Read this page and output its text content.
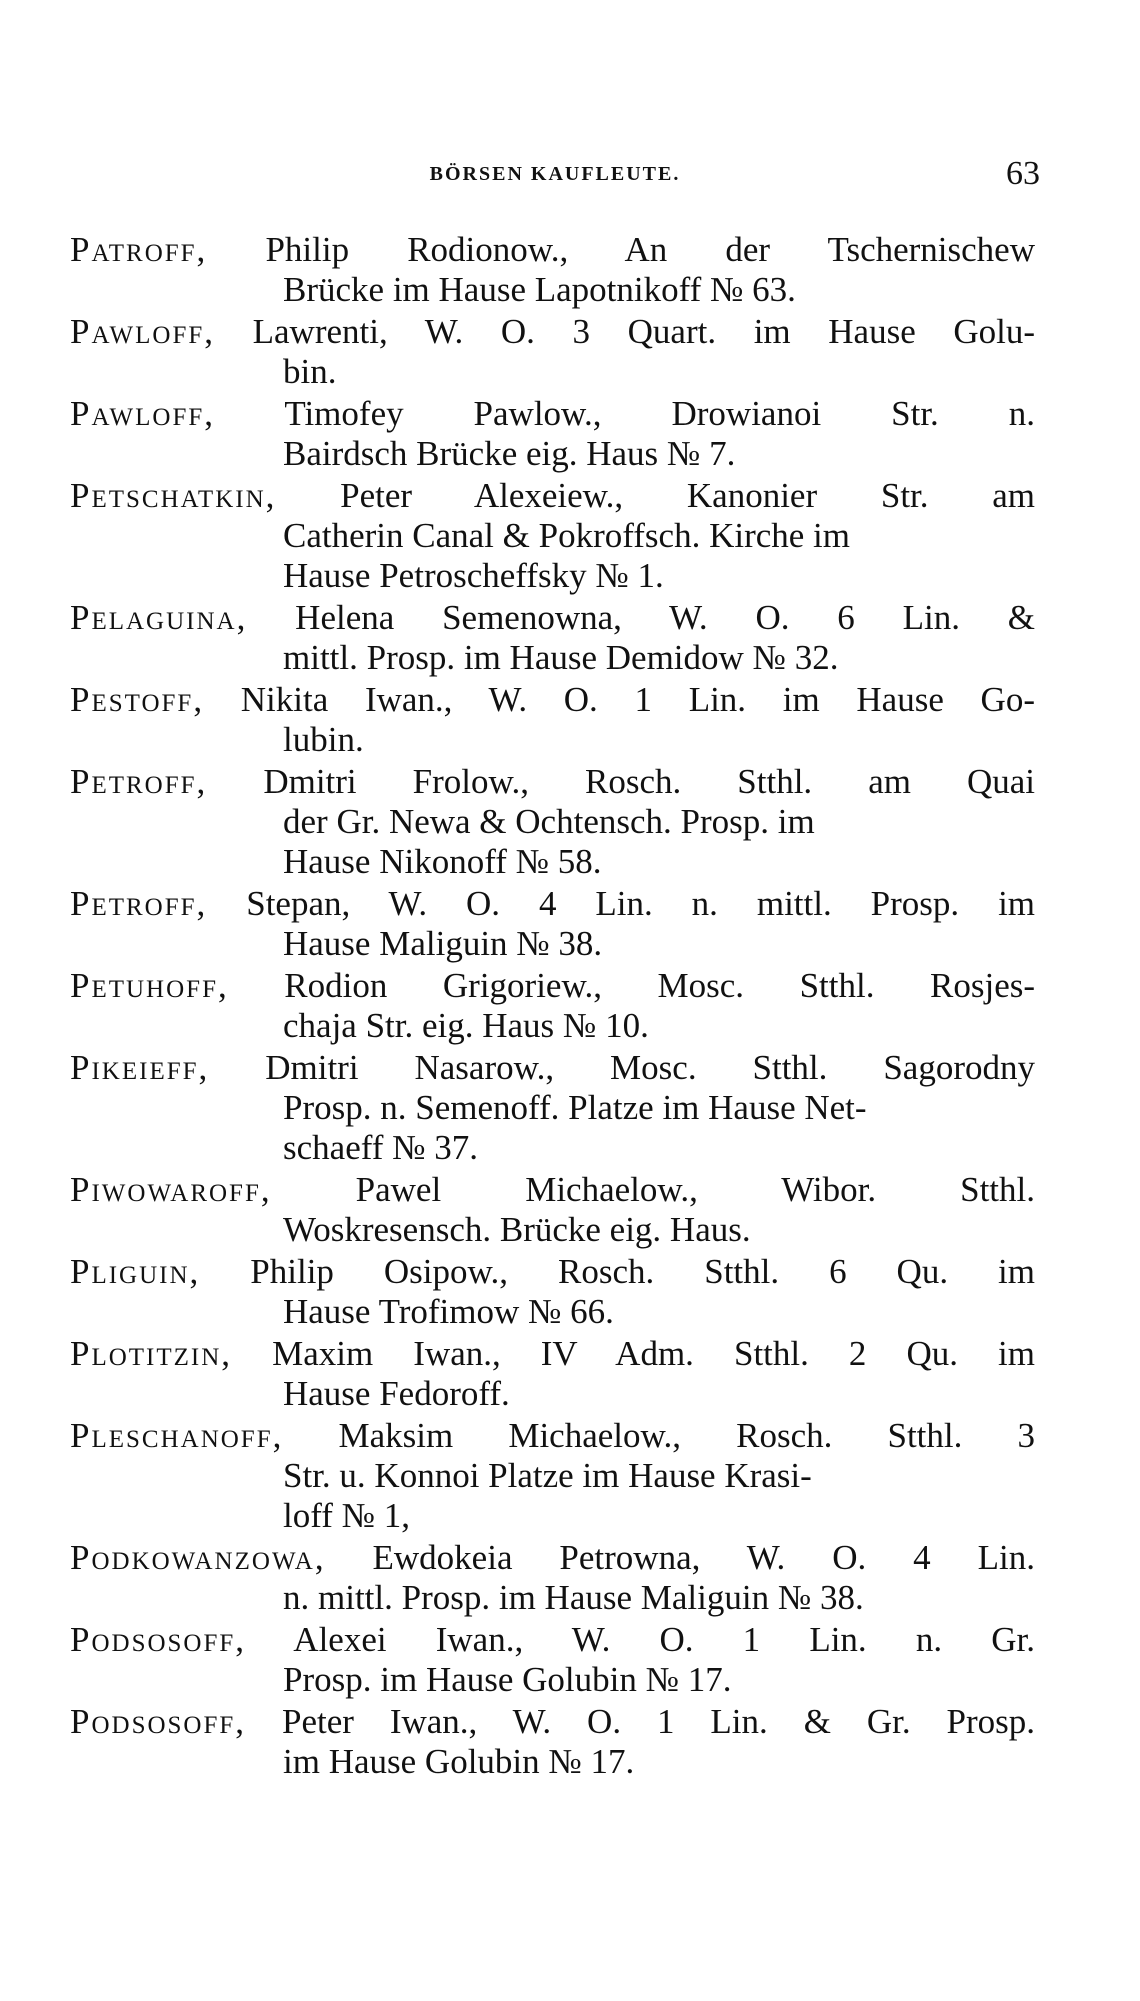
BÖRSEN KAUFLEUTE.	63
Patroff, Philip Rodionow., An der Tschernischew
Brücke im Hause Lapotnikoff № 63.
Pawloff, Lawrenti, W. O. 3 Quart. im Hause Golu-
bin.
Pawloff, Timofey Pawlow., Drowianoi Str. n.
Bairdsch Brücke eig. Haus № 7.
Petschatkin, Peter Alexeiew., Kanonier Str. am
Catherin Canal & Pokroffsch. Kirche im
Hause Petroscheffsky № 1.
Pelaguina, Helena Semenowna, W. O. 6 Lin. &
mittl. Prosp. im Hause Demidow № 32.
Pestoff, Nikita Iwan., W. O. 1 Lin. im Hause Go-
lubin.
Petroff, Dmitri Frolow., Rosch. Stthl. am Quai
der Gr. Newa & Ochtensch. Prosp. im
Hause Nikonoff № 58.
Petroff, Stepan, W. O. 4 Lin. n. mittl. Prosp. im
Hause Maliguin № 38.
Petuhoff, Rodion Grigoriew., Mosc. Stthl. Rosjes-
chaja Str. eig. Haus № 10.
Pikeieff, Dmitri Nasarow., Mosc. Stthl. Sagorodny
Prosp. n. Semenoff. Platze im Hause Net-
schaeff № 37.
Piwowaroff, Pawel Michaelow., Wibor. Stthl.
Woskresensch. Brücke eig. Haus.
Pliguin, Philip Osipow., Rosch. Stthl. 6 Qu. im
Hause Trofimow № 66.
Plotitzin, Maxim Iwan., IV Adm. Stthl. 2 Qu. im
Hause Fedoroff.
Pleschanoff, Maksim Michaelow., Rosch. Stthl. 3
Str. u. Konnoi Platze im Hause Krasi-
loff № 1,
Podkowanzowa, Ewdokeia Petrowna, W. O. 4 Lin.
n. mittl. Prosp. im Hause Maliguin № 38.
Podsosoff, Alexei Iwan., W. O. 1 Lin. n. Gr.
Prosp. im Hause Golubin № 17.
Podsosoff, Peter Iwan., W. O. 1 Lin. & Gr. Prosp.
im Hause Golubin № 17.
